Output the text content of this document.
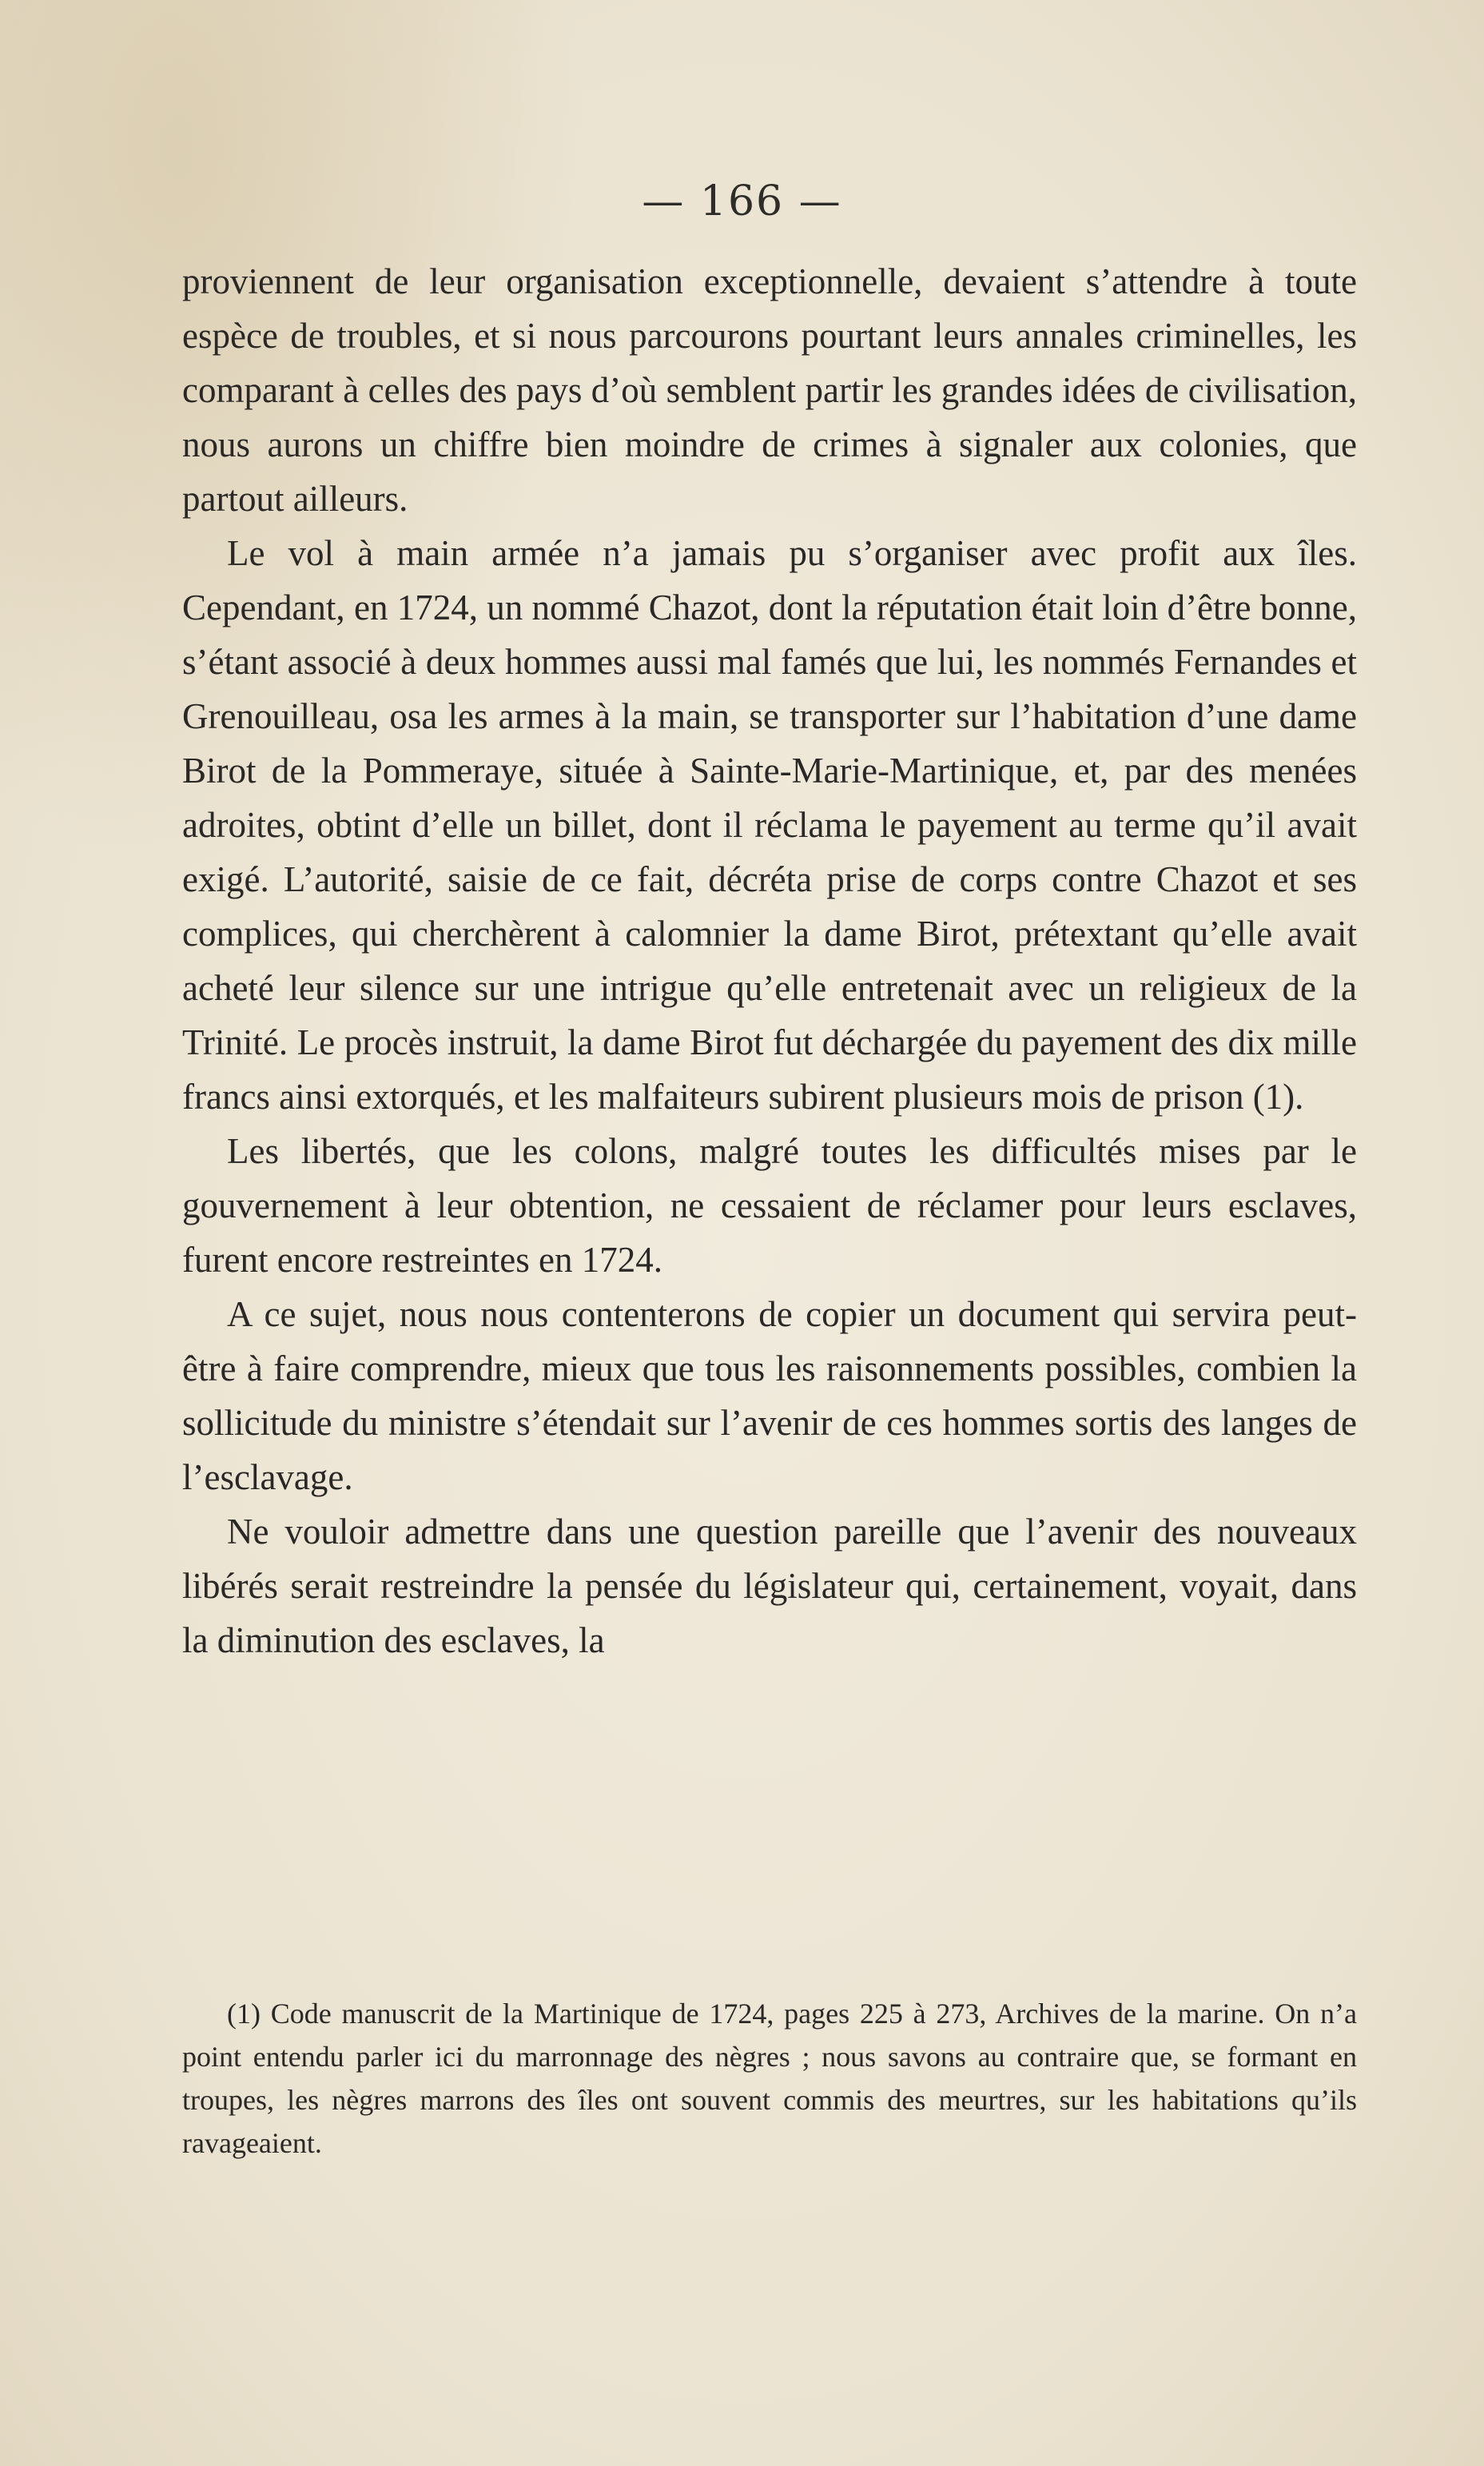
— 166 —

proviennent de leur organisation exceptionnelle, devaient s’attendre à toute espèce de troubles, et si nous parcourons pourtant leurs annales criminelles, les comparant à celles des pays d’où semblent partir les grandes idées de civilisation, nous aurons un chiffre bien moindre de crimes à signaler aux colonies, que partout ailleurs.

Le vol à main armée n’a jamais pu s’organiser avec profit aux îles. Cependant, en 1724, un nommé Chazot, dont la réputation était loin d’être bonne, s’étant associé à deux hommes aussi mal famés que lui, les nommés Fernandes et Grenouilleau, osa les armes à la main, se transporter sur l’habitation d’une dame Birot de la Pommeraye, située à Sainte-Marie-Martinique, et, par des menées adroites, obtint d’elle un billet, dont il réclama le payement au terme qu’il avait exigé. L’autorité, saisie de ce fait, décréta prise de corps contre Chazot et ses complices, qui cherchèrent à calomnier la dame Birot, prétextant qu’elle avait acheté leur silence sur une intrigue qu’elle entretenait avec un religieux de la Trinité. Le procès instruit, la dame Birot fut déchargée du payement des dix mille francs ainsi extorqués, et les malfaiteurs subirent plusieurs mois de prison (1).

Les libertés, que les colons, malgré toutes les difficultés mises par le gouvernement à leur obtention, ne cessaient de réclamer pour leurs esclaves, furent encore restreintes en 1724.

A ce sujet, nous nous contenterons de copier un document qui servira peut-être à faire comprendre, mieux que tous les raisonnements possibles, combien la sollicitude du ministre s’étendait sur l’avenir de ces hommes sortis des langes de l’esclavage.

Ne vouloir admettre dans une question pareille que l’avenir des nouveaux libérés serait restreindre la pensée du législateur qui, certainement, voyait, dans la diminution des esclaves, la

(1) Code manuscrit de la Martinique de 1724, pages 225 à 273, Archives de la marine. On n’a point entendu parler ici du marronnage des nègres ; nous savons au contraire que, se formant en troupes, les nègres marrons des îles ont souvent commis des meurtres, sur les habitations qu’ils ravageaient.
